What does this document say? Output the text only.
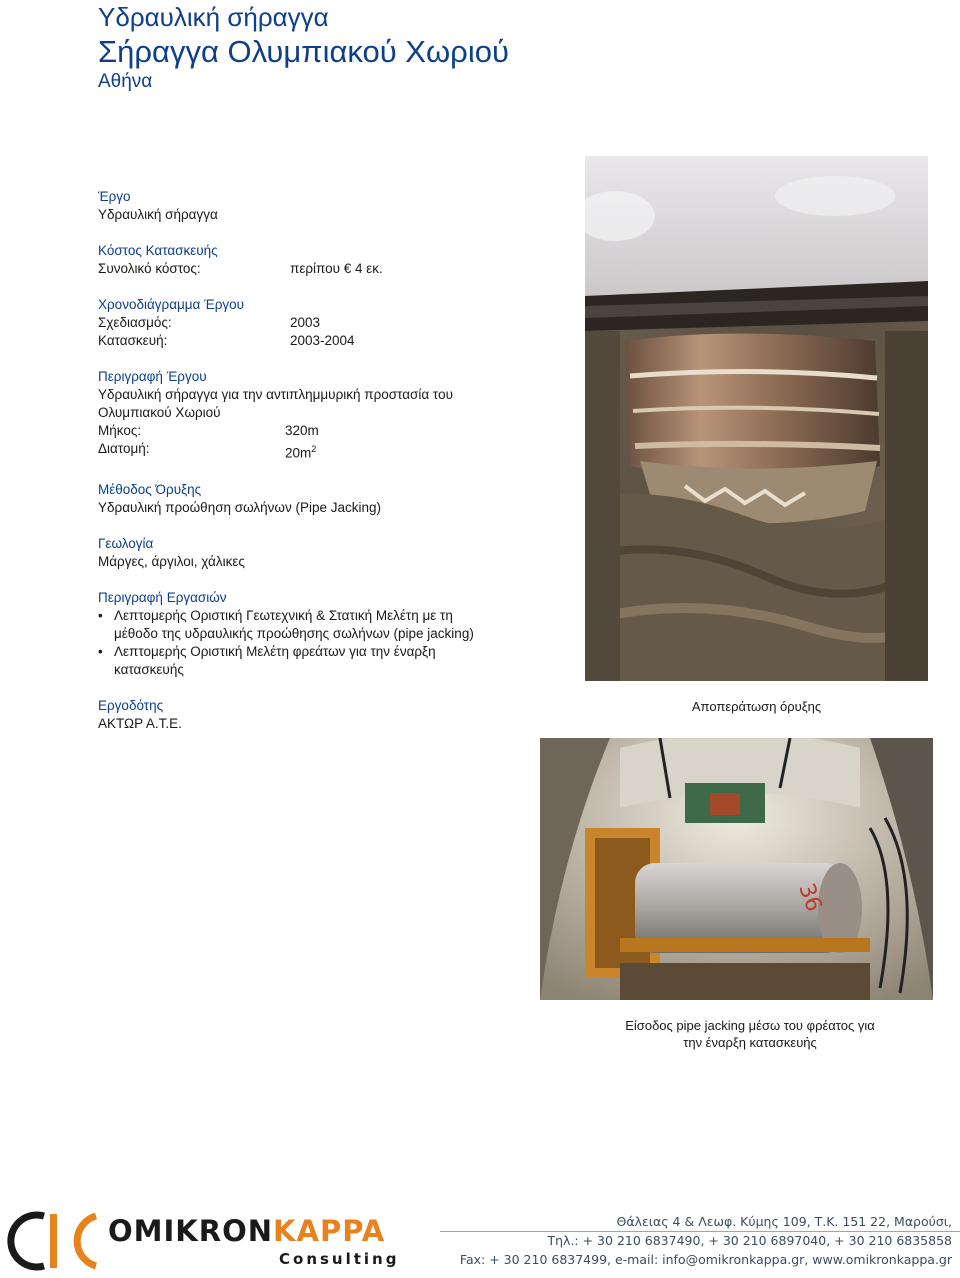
Υδραυλική σήραγγα
Σήραγγα Ολυμπιακού Χωριού
Αθήνα
Έργο
Υδραυλική σήραγγα
Κόστος Κατασκευής
Συνολικό κόστος:	περίπου € 4 εκ.
Χρονοδιάγραμμα Έργου
Σχεδιασμός:	2003
Κατασκευή:	2003-2004
Περιγραφή Έργου
Υδραυλική σήραγγα για την αντιπλημμυρική προστασία του
Ολυμπιακού Χωριού
Μήκος:	320m
Διατομή:	$20m^2$
Μέθοδος Όρυξης
Υδραυλική προώθηση σωλήνων (Pipe Jacking)
Γεωλογία
Μάργες, άργιλοι, χάλικες
Περιγραφή Εργασιών
• Λεπτομερής Οριστική Γεωτεχνική & Στατική Μελέτη με τη
μέθοδο της υδραυλικής προώθησης σωλήνων (pipe jacking)
• Λεπτομερής Οριστική Μελέτη φρεάτων για την έναρξη
κατασκευής
Εργοδότης
ΑΚΤΩΡ Α.Τ.Ε.
Αποπεράτωση όρυξης
36
Είσοδος pipe jacking μέσω του φρέατος για
την έναρξη κατασκευής
OMIKRONKAPPA
Consulting
Θάλειας 4 & Λεωφ. Κύμης 109, Τ.Κ. 151 22, Μαρούσι,
Τηλ.: + 30 210 6837490, + 30 210 6897040, + 30 210 6835858
Fax: + 30 210 6837499, e-mail: info@omikronkappa.gr, www.omikronkappa.gr
